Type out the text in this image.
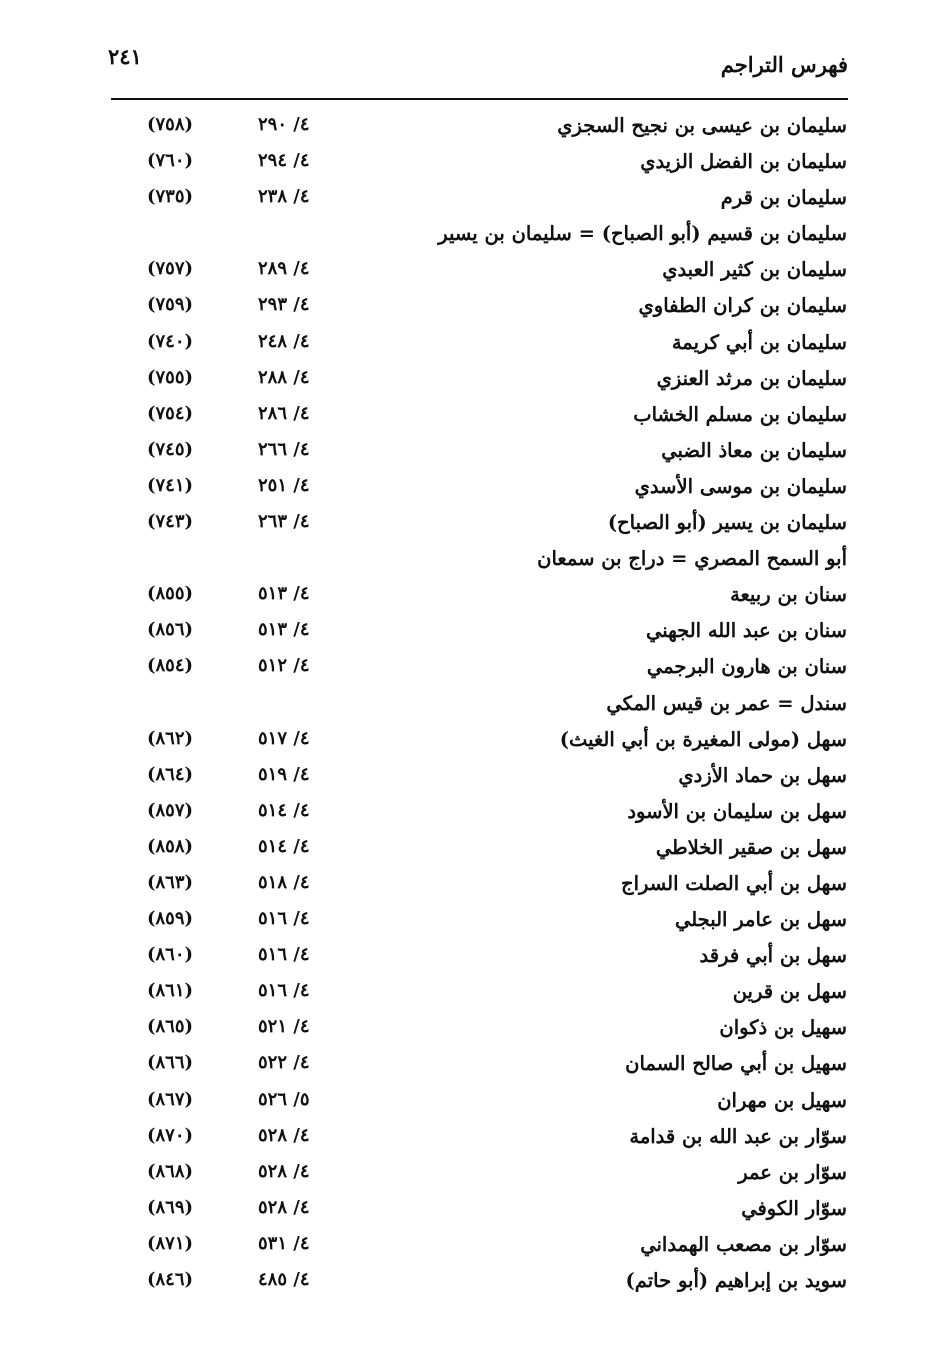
فهرس التراجم
٢٤١
سليمان بن عيسى بن نجيح السجزي
٤/ ٢٩٠
(٧٥٨)
سليمان بن الفضل الزيدي
٤/ ٢٩٤
(٧٦٠)
سليمان بن قرم
٤/ ٢٣٨
(٧٣٥)
سليمان بن قسيم (أبو الصباح) = سليمان بن يسير
سليمان بن كثير العبدي
٤/ ٢٨٩
(٧٥٧)
سليمان بن كران الطفاوي
٤/ ٢٩٣
(٧٥٩)
سليمان بن أبي كريمة
٤/ ٢٤٨
(٧٤٠)
سليمان بن مرثد العنزي
٤/ ٢٨٨
(٧٥٥)
سليمان بن مسلم الخشاب
٤/ ٢٨٦
(٧٥٤)
سليمان بن معاذ الضبي
٤/ ٢٦٦
(٧٤٥)
سليمان بن موسى الأسدي
٤/ ٢٥١
(٧٤١)
سليمان بن يسير (أبو الصباح)
٤/ ٢٦٣
(٧٤٣)
أبو السمح المصري = دراج بن سمعان
سنان بن ربيعة
٤/ ٥١٣
(٨٥٥)
سنان بن عبد الله الجهني
٤/ ٥١٣
(٨٥٦)
سنان بن هارون البرجمي
٤/ ٥١٢
(٨٥٤)
سندل = عمر بن قيس المكي
سهل (مولى المغيرة بن أبي الغيث)
٤/ ٥١٧
(٨٦٢)
سهل بن حماد الأزدي
٤/ ٥١٩
(٨٦٤)
سهل بن سليمان بن الأسود
٤/ ٥١٤
(٨٥٧)
سهل بن صقير الخلاطي
٤/ ٥١٤
(٨٥٨)
سهل بن أبي الصلت السراج
٤/ ٥١٨
(٨٦٣)
سهل بن عامر البجلي
٤/ ٥١٦
(٨٥٩)
سهل بن أبي فرقد
٤/ ٥١٦
(٨٦٠)
سهل بن قرين
٤/ ٥١٦
(٨٦١)
سهيل بن ذكوان
٤/ ٥٢١
(٨٦٥)
سهيل بن أبي صالح السمان
٤/ ٥٢٢
(٨٦٦)
سهيل بن مهران
٥/ ٥٢٦
(٨٦٧)
سوّار بن عبد الله بن قدامة
٤/ ٥٢٨
(٨٧٠)
سوّار بن عمر
٤/ ٥٢٨
(٨٦٨)
سوّار الكوفي
٤/ ٥٢٨
(٨٦٩)
سوّار بن مصعب الهمداني
٤/ ٥٣١
(٨٧١)
سويد بن إبراهيم (أبو حاتم)
٤/ ٤٨٥
(٨٤٦)
